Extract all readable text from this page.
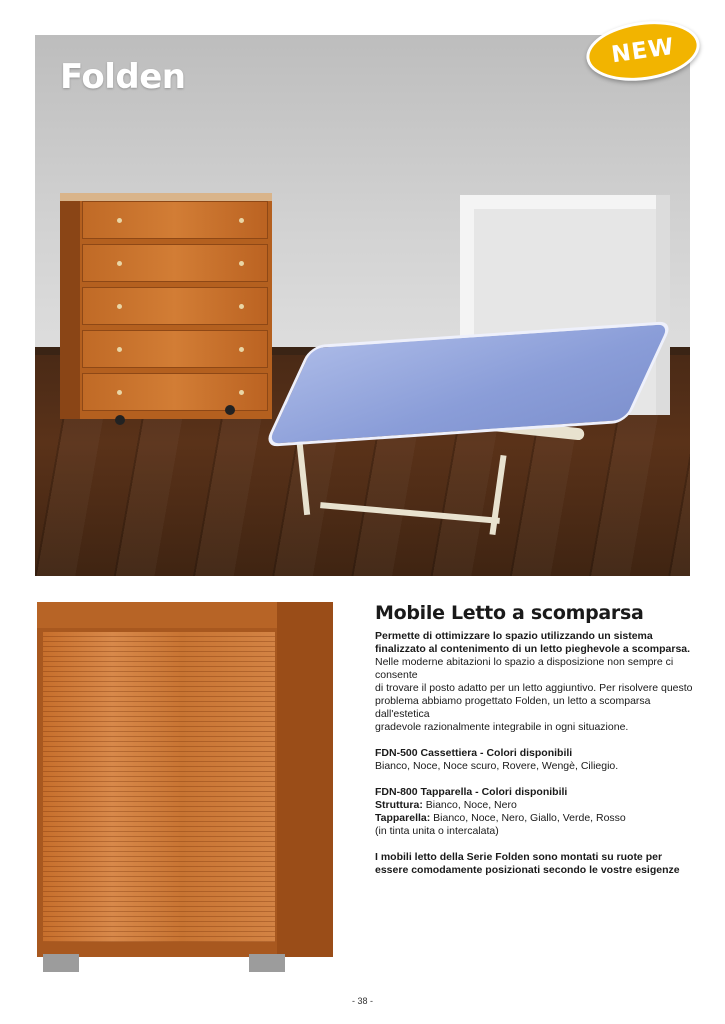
Folden
NEW
Mobile Letto a scomparsa

Permette di ottimizzare lo spazio utilizzando un sistema

finalizzato al contenimento di un letto pieghevole a scomparsa.

Nelle moderne abitazioni lo spazio a disposizione non sempre ci consente

di trovare il posto adatto per un letto aggiuntivo. Per risolvere questo

problema abbiamo progettato Folden, un letto a scomparsa dall'estetica

gradevole razionalmente integrabile in ogni situazione.

FDN-500 Cassettiera - Colori disponibili

Bianco, Noce, Noce scuro, Rovere, Wengè, Ciliegio.

FDN-800 Tapparella - Colori disponibili

Struttura: Bianco, Noce, Nero

Tapparella: Bianco, Noce, Nero, Giallo, Verde, Rosso

(in tinta unita o intercalata)

I mobili letto della Serie Folden sono montati su ruote per

essere comodamente posizionati secondo le vostre esigenze

- 38 -
